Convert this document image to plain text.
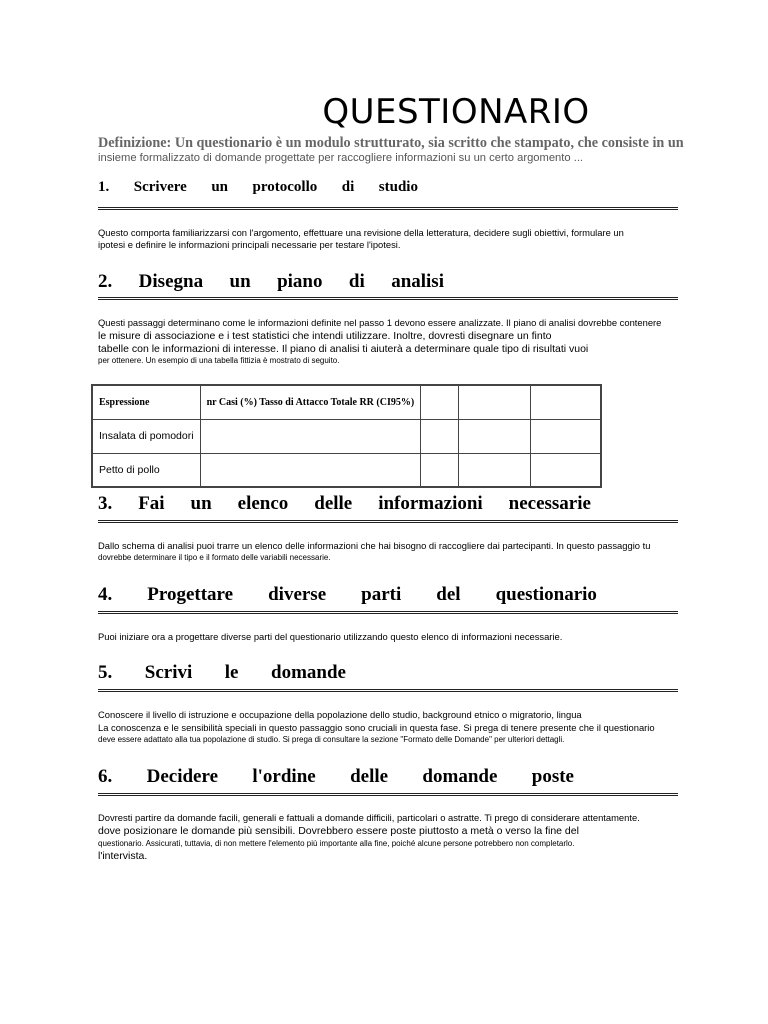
QUESTIONARIO
Definizione: Un questionario è un modulo strutturato, sia scritto che stampato, che consiste in un
insieme formalizzato di domande progettate per raccogliere informazioni su un certo argomento ...
1. Scrivere un protocollo di studio
Questo comporta familiarizzarsi con l'argomento, effettuare una revisione della letteratura, decidere sugli obiettivi, formulare un
ipotesi e definire le informazioni principali necessarie per testare l'ipotesi.
2. Disegna un piano di analisi
Questi passaggi determinano come le informazioni definite nel passo 1 devono essere analizzate. Il piano di analisi dovrebbe contenere
le misure di associazione e i test statistici che intendi utilizzare. Inoltre, dovresti disegnare un finto
tabelle con le informazioni di interesse. Il piano di analisi ti aiuterà a determinare quale tipo di risultati vuoi
per ottenere. Un esempio di una tabella fittizia è mostrato di seguito.
Espressione	nr Casi (%) Tasso di Attacco Totale RR (CI95%)			
Insalata di pomodori				
Petto di pollo				
3. Fai un elenco delle informazioni necessarie
Dallo schema di analisi puoi trarre un elenco delle informazioni che hai bisogno di raccogliere dai partecipanti. In questo passaggio tu
dovrebbe determinare il tipo e il formato delle variabili necessarie.
4. Progettare diverse parti del questionario
Puoi iniziare ora a progettare diverse parti del questionario utilizzando questo elenco di informazioni necessarie.
5. Scrivi le domande
Conoscere il livello di istruzione e occupazione della popolazione dello studio, background etnico o migratorio, lingua
La conoscenza e le sensibilità speciali in questo passaggio sono cruciali in questa fase. Si prega di tenere presente che il questionario
deve essere adattato alla tua popolazione di studio. Si prega di consultare la sezione "Formato delle Domande" per ulteriori dettagli.
6. Decidere l'ordine delle domande poste
Dovresti partire da domande facili, generali e fattuali a domande difficili, particolari o astratte. Ti prego di considerare attentamente.
dove posizionare le domande più sensibili. Dovrebbero essere poste piuttosto a metà o verso la fine del
questionario. Assicurati, tuttavia, di non mettere l'elemento più importante alla fine, poiché alcune persone potrebbero non completarlo.
l'intervista.
